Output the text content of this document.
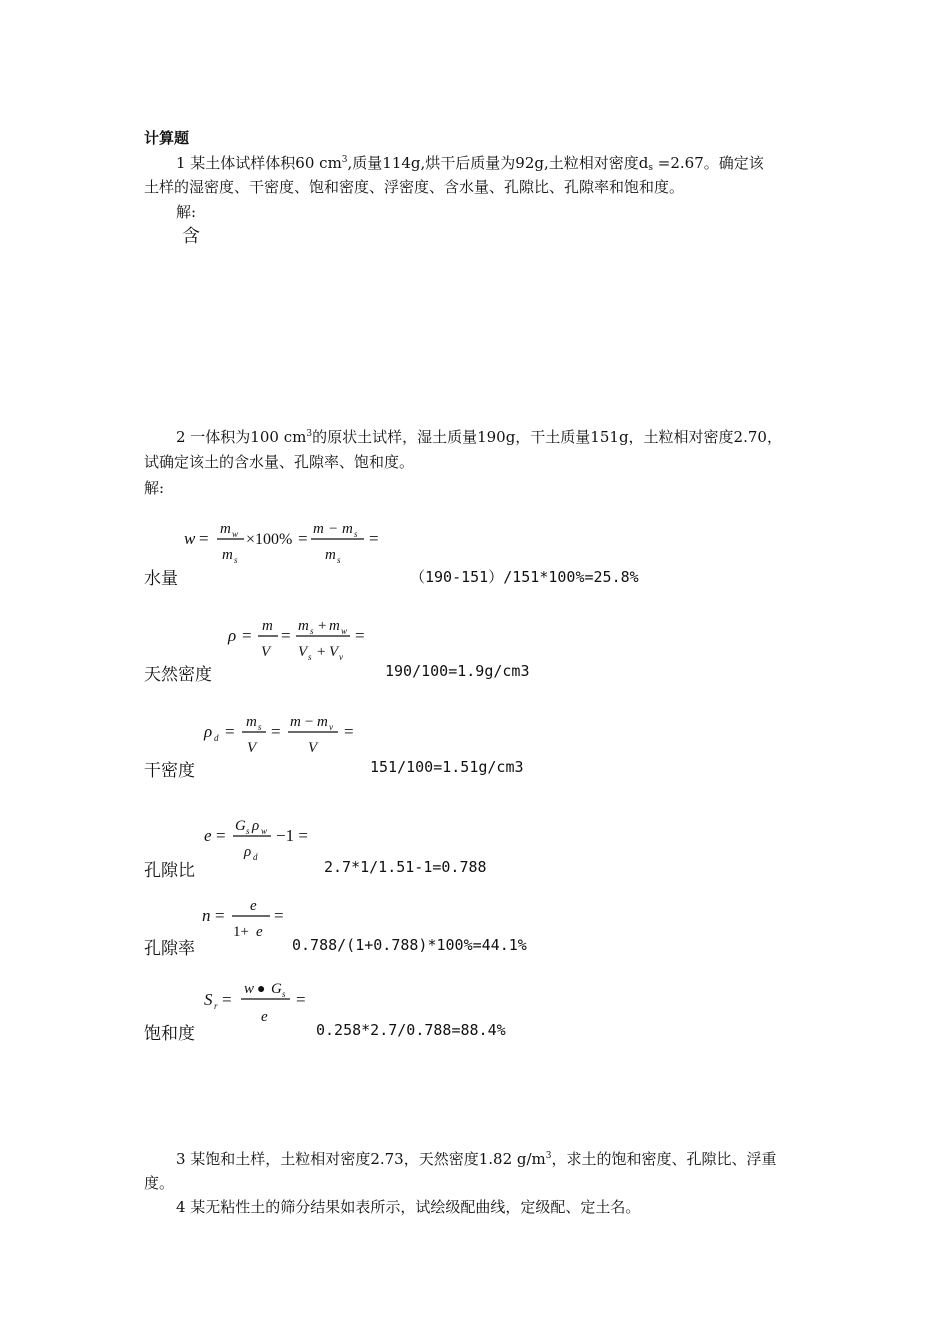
计算题
1 某土体试样体积60 $cm^3$,质量114g,烘干后质量为92g,土粒相对密度$d_s =2.67$。确定该
土样的湿密度、干密度、饱和密度、浮密度、含水量、孔隙比、孔隙率和饱和度。
解:
含
2 一体积为100 $cm^3$的原状土试样，湿土质量190g，干土质量151g，土粒相对密度2.70，
试确定该土的含水量、孔隙率、饱和度。
解:
w = m w
m s
×100% = m − m s
m s
=
水量	（190-151）/151*100%=25.8%
ρ = m
V
= m s + m w
V s + V v
=
天然密度	190/100=1.9g/cm3
ρ d = m s
V
= m − m v
V
=
干密度	151/100=1.51g/cm3
e = G s ρ w
ρ d
−1 =
孔隙比	2.7*1/1.51-1=0.788
n = e
1+ e
=
孔隙率	0.788/(1+0.788)*100%=44.1%
S r =
w ● G s
e
=
饱和度	0.258*2.7/0.788=88.4%
3 某饱和土样，土粒相对密度2.73，天然密度1.82 $g/m^3$，求土的饱和密度、孔隙比、浮重
度。
4 某无粘性土的筛分结果如表所示，试绘级配曲线，定级配、定土名。
